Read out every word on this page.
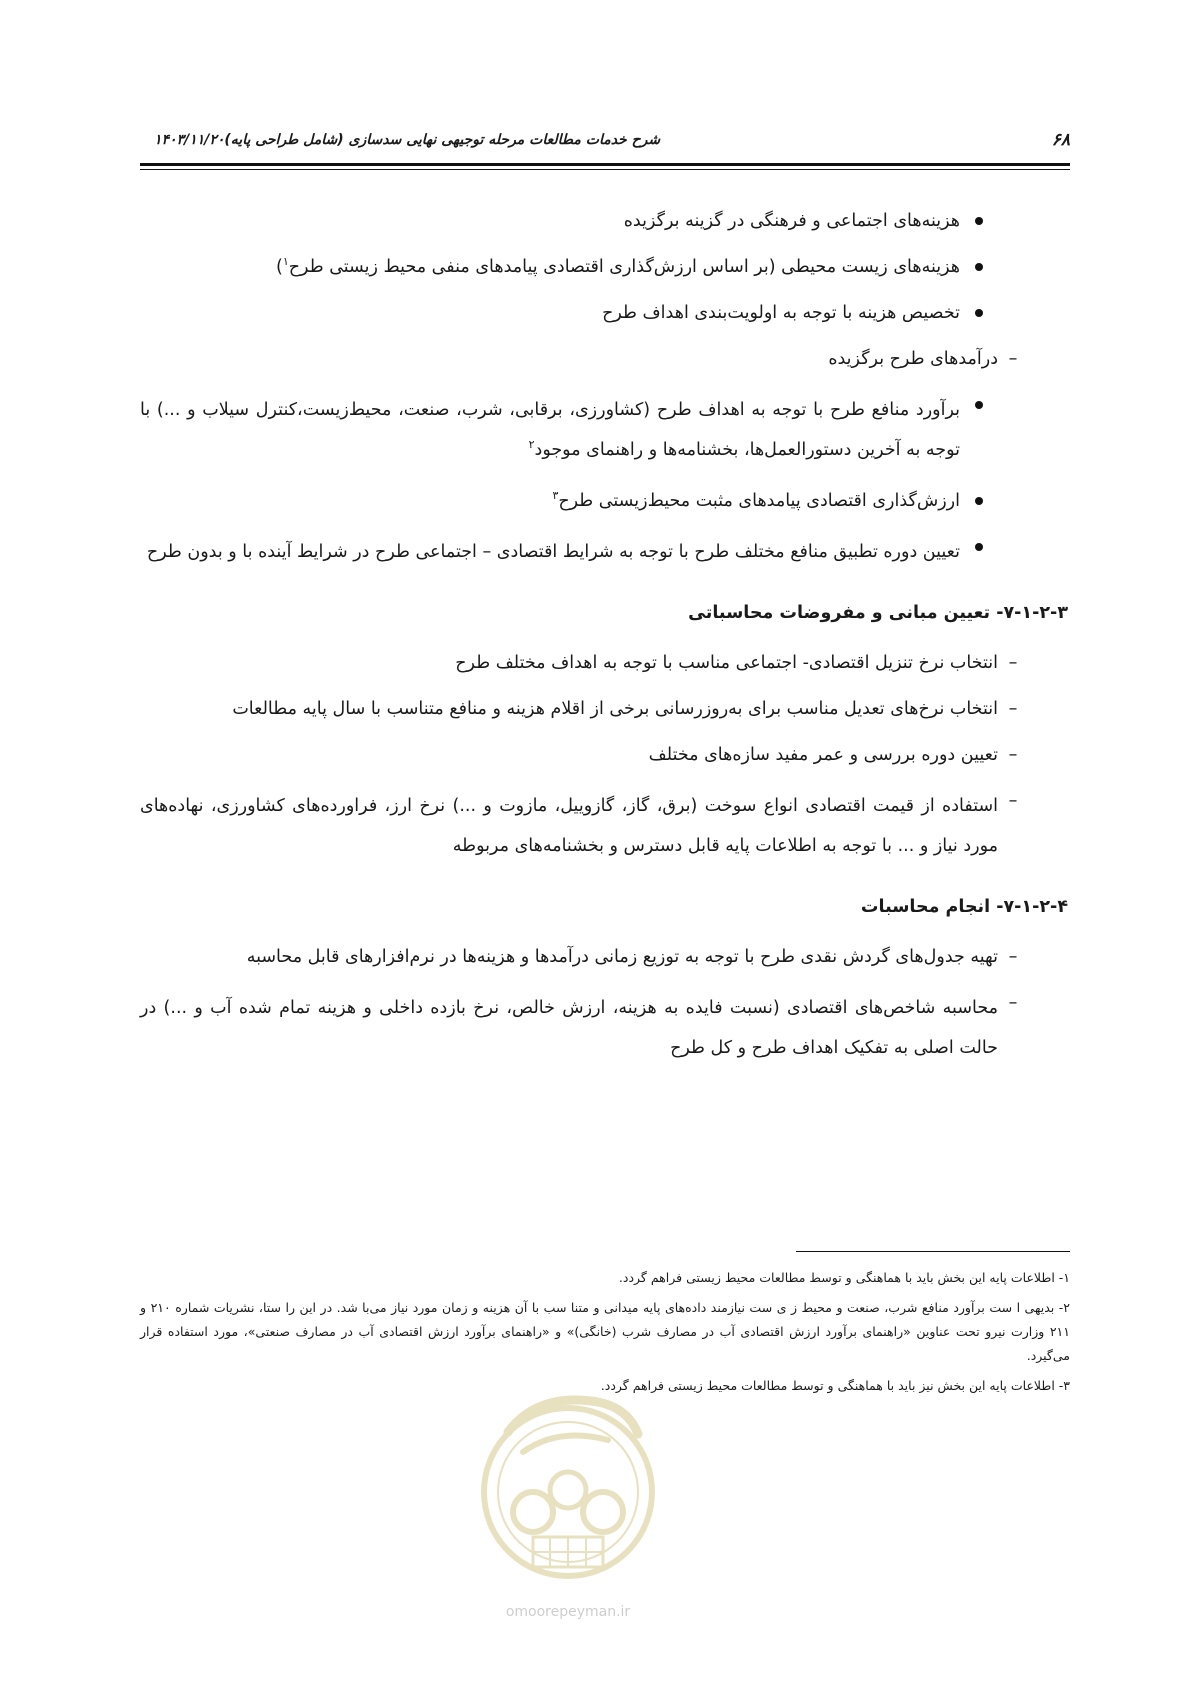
۶۸
شرح خدمات مطالعات مرحله توجیهی نهایی سدسازی (شامل طراحی پایه)۱۴۰۳/۱۱/۲۰
هزینه‌های اجتماعی و فرهنگی در گزینه برگزیده
هزینه‌های زیست محیطی (بر اساس ارزش‌گذاری اقتصادی پیامدهای منفی محیط زیستی طرح$^۱$)
تخصیص هزینه با توجه به اولویت‌بندی اهداف طرح
–
درآمدهای طرح برگزیده
برآورد منافع طرح با توجه به اهداف طرح (کشاورزی، برقابی، شرب، صنعت، محیط‌زیست،کنترل سیلاب و ...) با توجه به آخرین دستورالعمل‌ها، بخشنامه‌ها و راهنمای موجود$^۲$
ارزش‌گذاری اقتصادی پیامدهای مثبت محیط‌زیستی طرح$^۳$
تعیین دوره تطبیق منافع مختلف طرح با توجه به شرایط اقتصادی – اجتماعی طرح در شرایط آینده با و بدون طرح
۷-۱-۲-۳- تعیین مبانی و مفروضات محاسباتی
–
انتخاب نرخ تنزیل اقتصادی- اجتماعی مناسب با توجه به اهداف مختلف طرح
–
انتخاب نرخ‌های تعدیل مناسب برای به‌روزرسانی برخی از اقلام هزینه و منافع متناسب با سال پایه مطالعات
–
تعیین دوره بررسی و عمر مفید سازه‌های مختلف
–
استفاده از قیمت اقتصادی انواع سوخت (برق، گاز، گازوییل، مازوت و ...) نرخ ارز، فراورده‌های کشاورزی، نهاده‌های مورد نیاز و ... با توجه به اطلاعات پایه قابل دسترس و بخشنامه‌های مربوطه
۷-۱-۲-۴- انجام محاسبات
–
تهیه جدول‌های گردش نقدی طرح با توجه به توزیع زمانی درآمدها و هزینه‌ها در نرم‌افزارهای قابل محاسبه
–
محاسبه شاخص‌های اقتصادی (نسبت فایده به هزینه، ارزش خالص، نرخ بازده داخلی و هزینه تمام شده آب و ...) در حالت اصلی به تفکیک اهداف طرح و کل طرح

۱- اطلاعات پایه این بخش باید با هماهنگی و توسط مطالعات محیط زیستی فراهم گردد.

۲- بدیهی ا ست برآورد منافع شرب، صنعت و محیط ز ی ست نیازمند داده‌های پایه میدانی و متنا سب با آن هزینه و زمان مورد نیاز می‌با شد. در این را ستا، نشریات شماره ۲۱۰ و ۲۱۱ وزارت نیرو تحت عناوین «راهنمای برآورد ارزش اقتصادی آب در مصارف شرب (خانگی)» و «راهنمای برآورد ارزش اقتصادی آب در مصارف صنعتی»، مورد استفاده قرار می‌گیرد.

۳- اطلاعات پایه این بخش نیز باید با هماهنگی و توسط مطالعات محیط زیستی فراهم گردد.

omoorepeyman.ir
